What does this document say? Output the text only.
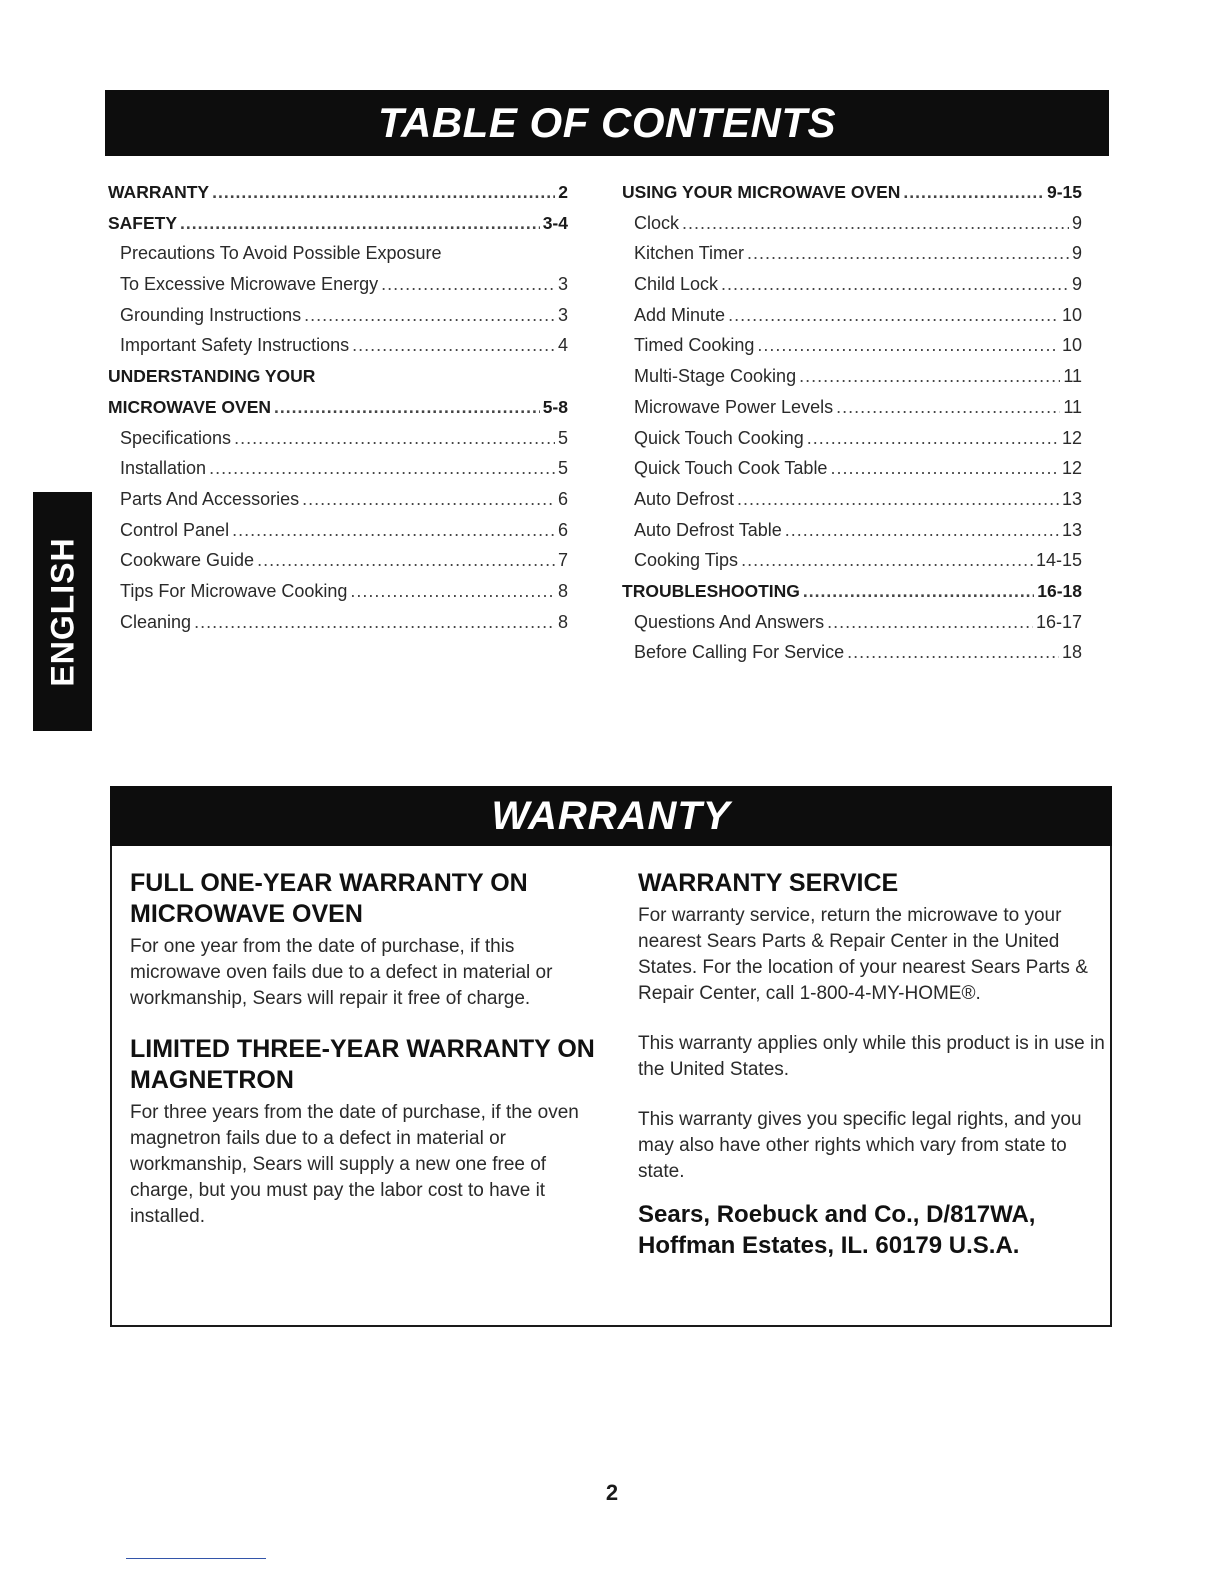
TABLE OF CONTENTS
WARRANTY .....	2
SAFETY .....	3-4
Precautions To Avoid Possible Exposure
To Excessive Microwave Energy .....	3
Grounding Instructions .....	3
Important Safety Instructions .....	4
UNDERSTANDING YOUR
MICROWAVE OVEN .....	5-8
Specifications .....	5
Installation .....	5
Parts And Accessories .....	6
Control Panel .....	6
Cookware Guide .....	7
Tips For Microwave Cooking .....	8
Cleaning .....	8
USING YOUR MICROWAVE OVEN .....	9-15
Clock .....	9
Kitchen Timer .....	9
Child Lock .....	9
Add Minute .....	10
Timed Cooking .....	10
Multi-Stage Cooking .....	11
Microwave Power Levels .....	11
Quick Touch Cooking .....	12
Quick Touch Cook Table .....	12
Auto Defrost .....	13
Auto Defrost Table .....	13
Cooking Tips .....	14-15
TROUBLESHOOTING .....	16-18
Questions And Answers .....	16-17
Before Calling For Service .....	18
ENGLISH
WARRANTY
FULL ONE-YEAR WARRANTY ON MICROWAVE OVEN

For one year from the date of purchase, if this microwave oven fails due to a defect in material or workmanship, Sears will repair it free of charge.

LIMITED THREE-YEAR WARRANTY ON MAGNETRON

For three years from the date of purchase, if the oven magnetron fails due to a defect in material or workmanship, Sears will supply a new one free of charge, but you must pay the labor cost to have it installed.

WARRANTY SERVICE

For warranty service, return the microwave to your nearest Sears Parts & Repair Center in the United States. For the location of your nearest Sears Parts & Repair Center, call 1-800-4-MY-HOME®.

This warranty applies only while this product is in use in the United States.

This warranty gives you specific legal rights, and you may also have other rights which vary from state to state.

Sears, Roebuck and Co., D/817WA,
Hoffman Estates, IL. 60179 U.S.A.
2
